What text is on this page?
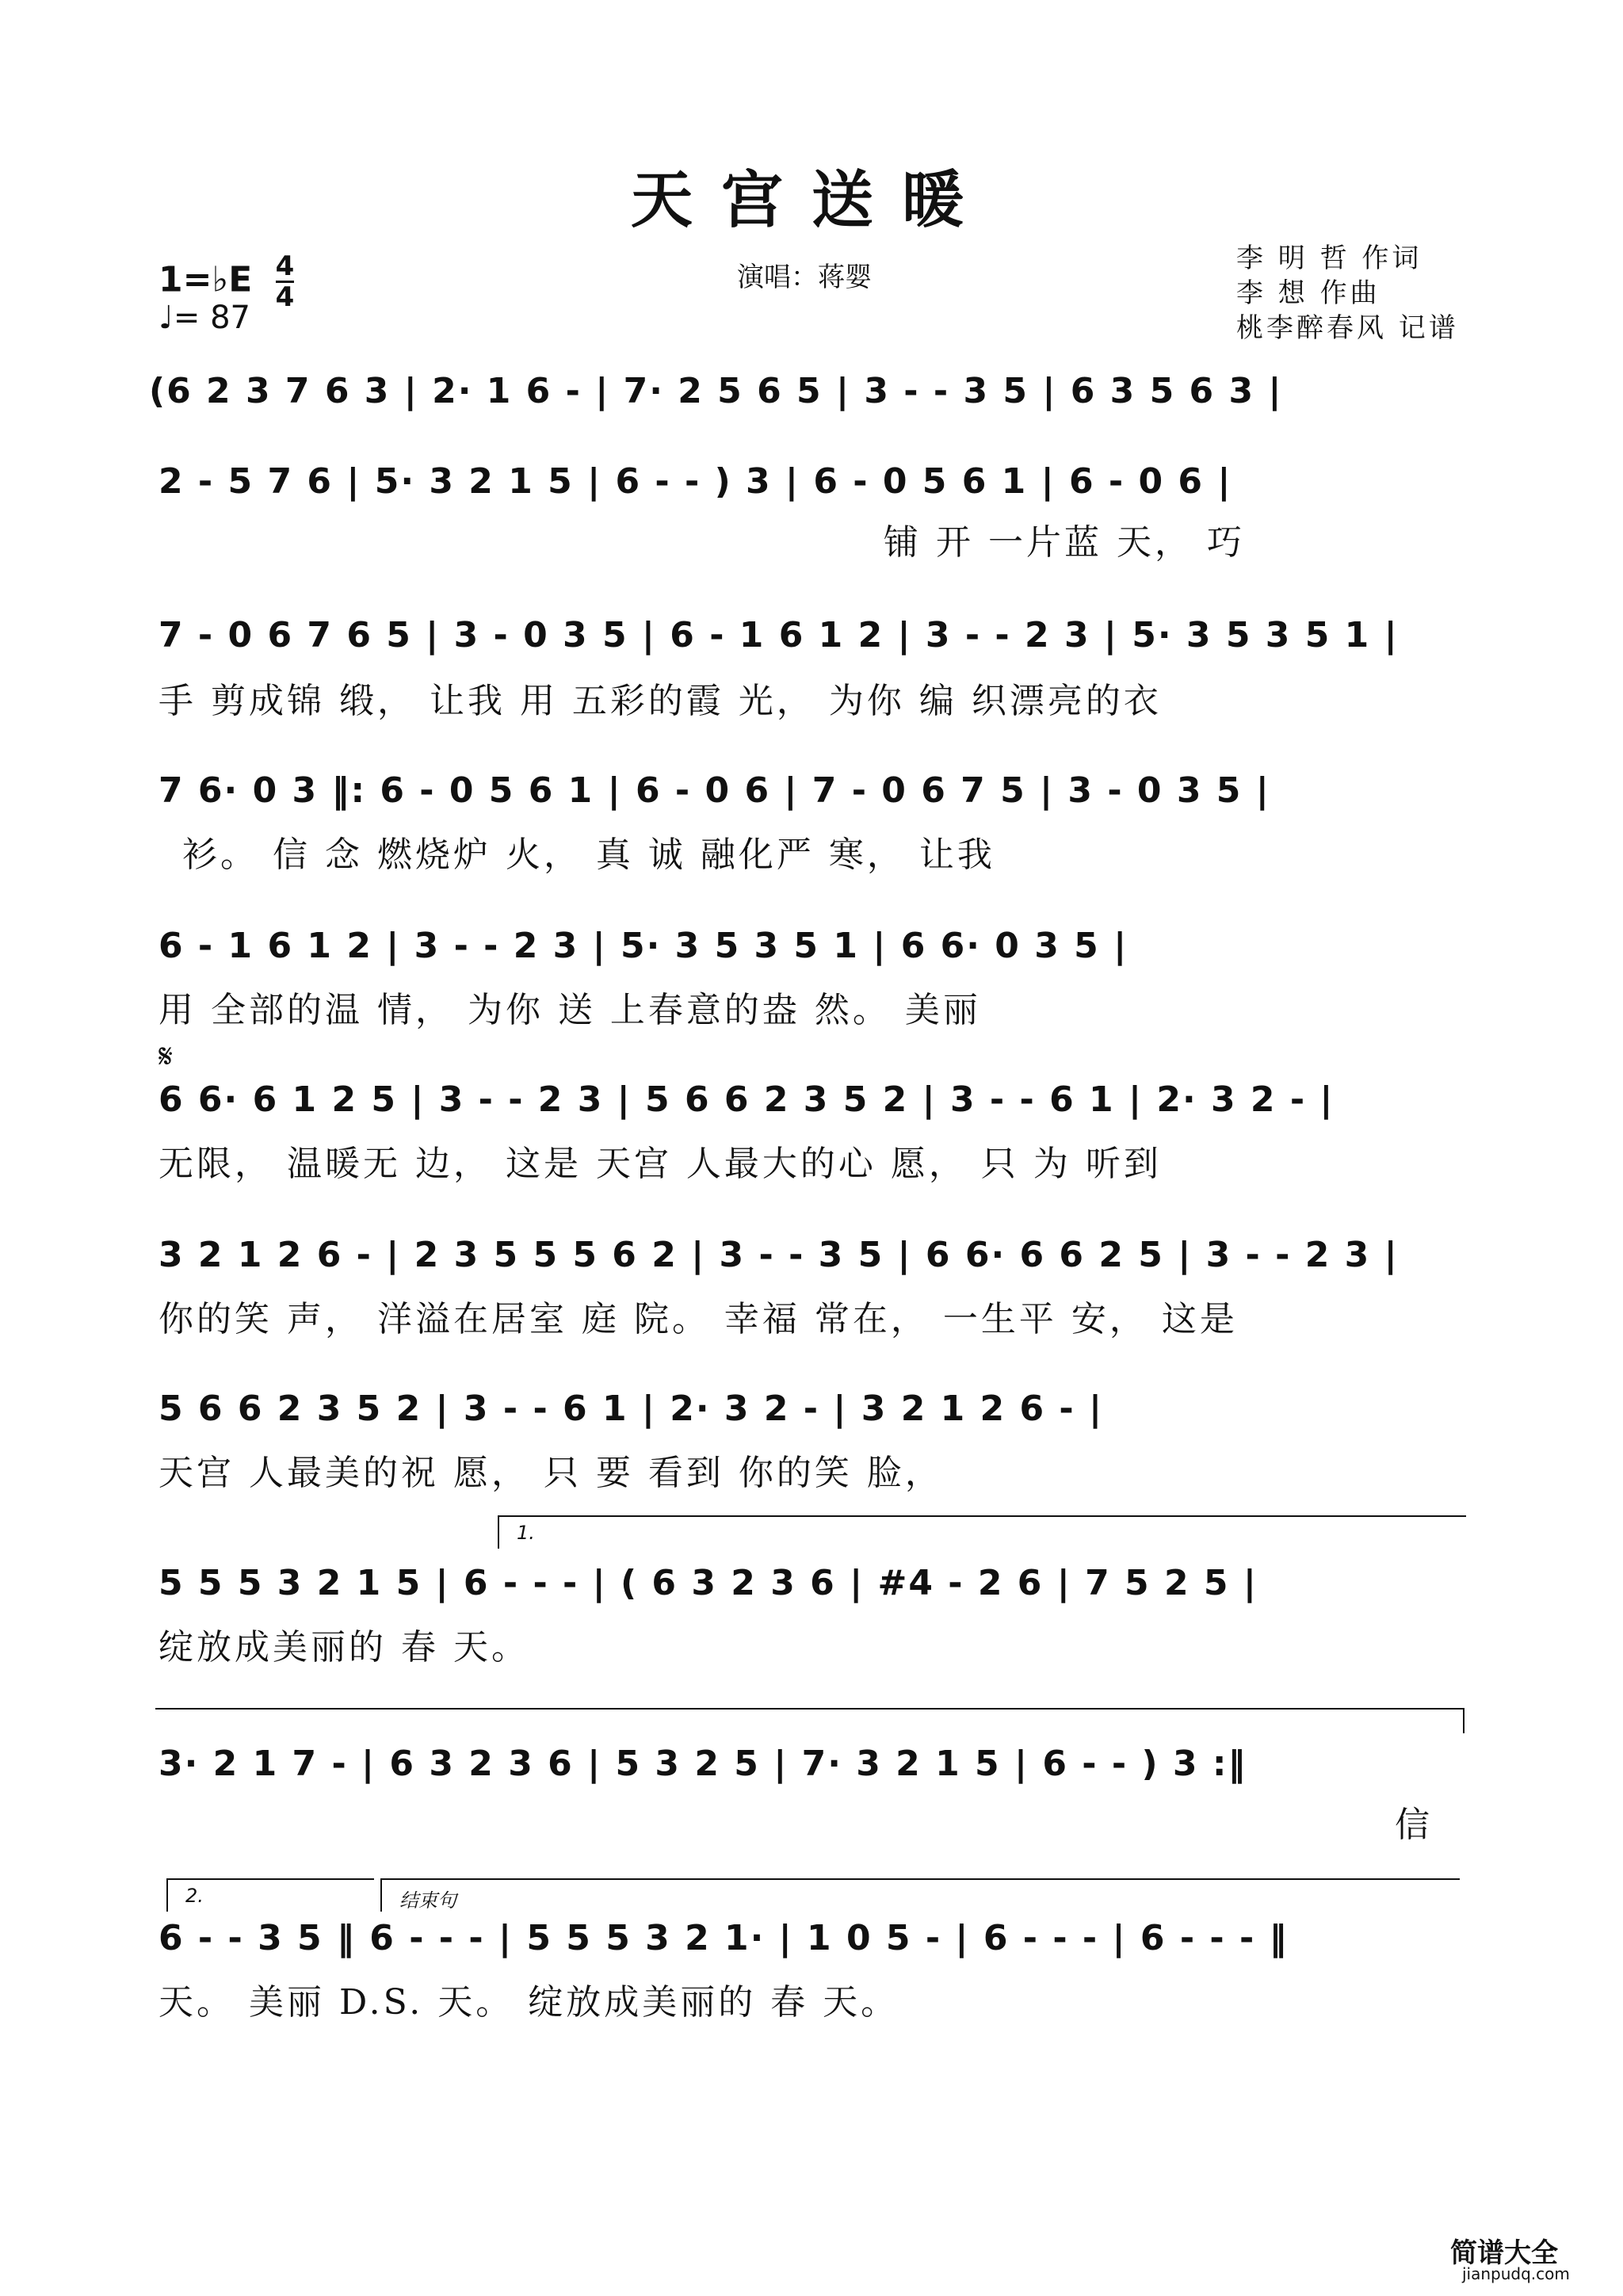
天宫送暖
1=♭E $\frac{4}{4}$
♩= 87
演唱：蒋婴
李 明 哲 作词
李 想 作曲
桃李醉春风 记谱
(6 2 3 7 6 3 | 2· 1 6 - | 7· 2 5 6 5 | 3 - - 3 5 | 6 3 5 6 3 |
2 - 5 7 6 | 5· 3 2 1 5 | 6 - - ) 3 | 6 - 0 5 6 1 | 6 - 0 6 |
铺 开 一片蓝 天， 巧
7 - 0 6 7 6 5 | 3 - 0 3 5 | 6 - 1 6 1 2 | 3 - - 2 3 | 5· 3 5 3 5 1 |
手 剪成锦 缎， 让我 用 五彩的霞 光， 为你 编 织漂亮的衣
7 6· 0 3 ‖: 6 - 0 5 6 1 | 6 - 0 6 | 7 - 0 6 7 5 | 3 - 0 3 5 |
衫。 信 念 燃烧炉 火， 真 诚 融化严 寒， 让我
6 - 1 6 1 2 | 3 - - 2 3 | 5· 3 5 3 5 1 | 6 6· 0 3 5 |
用 全部的温 情， 为你 送 上春意的盎 然。 美丽
𝄋
6 6· 6 1 2 5 | 3 - - 2 3 | 5 6 6 2 3 5 2 | 3 - - 6 1 | 2· 3 2 - |
无限， 温暖无 边， 这是 天宫 人最大的心 愿， 只 为 听到
3 2 1 2 6 - | 2 3 5 5 5 6 2 | 3 - - 3 5 | 6 6· 6 6 2 5 | 3 - - 2 3 |
你的笑 声， 洋溢在居室 庭 院。 幸福 常在， 一生平 安， 这是
5 6 6 2 3 5 2 | 3 - - 6 1 | 2· 3 2 - | 3 2 1 2 6 - |
天宫 人最美的祝 愿， 只 要 看到 你的笑 脸，
1.
5 5 5 3 2 1 5 | 6 - - - | ( 6 3 2 3 6 | #4 - 2 6 | 7 5 2 5 |
绽放成美丽的 春 天。
3· 2 1 7 - | 6 3 2 3 6 | 5 3 2 5 | 7· 3 2 1 5 | 6 - - ) 3 :‖
信
2.	结束句
6 - - 3 5 ‖ 6 - - - | 5 5 5 3 2 1· | 1 0 5 - | 6 - - - | 6 - - - ‖
天。 美丽 D.S. 天。 绽放成美丽的 春 天。
简谱大全
jianpudq.com
